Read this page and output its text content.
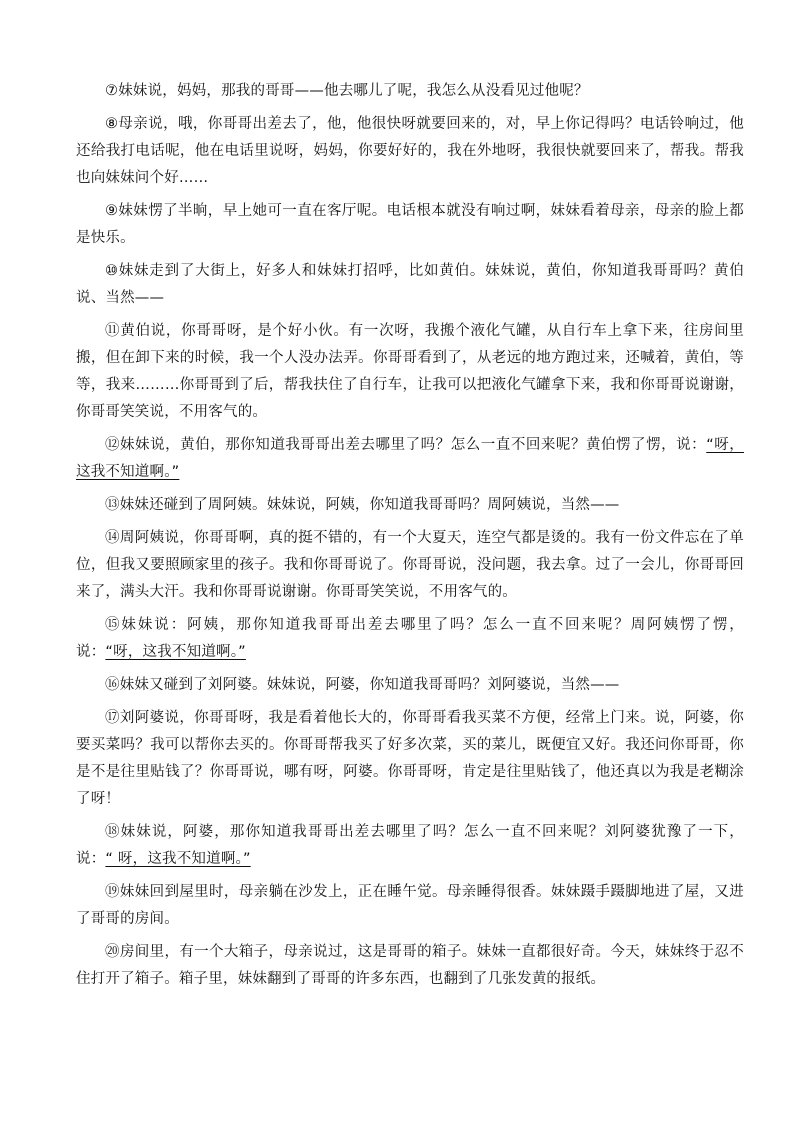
⑦妹妹说，妈妈，那我的哥哥——他去哪儿了呢，我怎么从没看见过他呢？

⑧母亲说，哦，你哥哥出差去了，他，他很快呀就要回来的，对，早上你记得吗？电话铃响过，他还给我打电话呢，他在电话里说呀，妈妈，你要好好的，我在外地呀，我很快就要回来了，帮我。帮我也向妹妹问个好……

⑨妹妹愣了半晌，早上她可一直在客厅呢。电话根本就没有响过啊，妹妹看着母亲，母亲的脸上都是快乐。

⑩妹妹走到了大街上，好多人和妹妹打招呼，比如黄伯。妹妹说，黄伯，你知道我哥哥吗？黄伯说、当然——

⑪黄伯说，你哥哥呀，是个好小伙。有一次呀，我搬个液化气罐，从自行车上拿下来，往房间里搬，但在卸下来的时候，我一个人没办法弄。你哥哥看到了，从老远的地方跑过来，还喊着，黄伯，等等，我来………你哥哥到了后，帮我扶住了自行车，让我可以把液化气罐拿下来，我和你哥哥说谢谢，你哥哥笑笑说，不用客气的。

⑫妹妹说，黄伯，那你知道我哥哥出差去哪里了吗？怎么一直不回来呢？黄伯愣了愣，说：“呀，这我不知道啊。”

⑬妹妹还碰到了周阿姨。妹妹说，阿姨，你知道我哥哥吗？周阿姨说，当然——

⑭周阿姨说，你哥哥啊，真的挺不错的，有一个大夏天，连空气都是烫的。我有一份文件忘在了单位，但我又要照顾家里的孩子。我和你哥哥说了。你哥哥说，没问题，我去拿。过了一会儿，你哥哥回来了，满头大汗。我和你哥哥说谢谢。你哥哥笑笑说，不用客气的。

⑮妹妹说：阿姨，那你知道我哥哥出差去哪里了吗？怎么一直不回来呢？周阿姨愣了愣，说：“呀，这我不知道啊。”

⑯妹妹又碰到了刘阿婆。妹妹说，阿婆，你知道我哥哥吗？刘阿婆说，当然——

⑰刘阿婆说，你哥哥呀，我是看着他长大的，你哥哥看我买菜不方便，经常上门来。说，阿婆，你要买菜吗？我可以帮你去买的。你哥哥帮我买了好多次菜，买的菜儿，既便宜又好。我还问你哥哥，你是不是往里贴钱了？你哥哥说，哪有呀，阿婆。你哥哥呀，肯定是往里贴钱了，他还真以为我是老糊涂了呀！

⑱妹妹说，阿婆，那你知道我哥哥出差去哪里了吗？怎么一直不回来呢？刘阿婆犹豫了一下，说：“ 呀，这我不知道啊。”

⑲妹妹回到屋里时，母亲躺在沙发上，正在睡午觉。母亲睡得很香。妹妹蹑手蹑脚地进了屋，又进了哥哥的房间。

⑳房间里，有一个大箱子，母亲说过，这是哥哥的箱子。妹妹一直都很好奇。今天，妹妹终于忍不住打开了箱子。箱子里，妹妹翻到了哥哥的许多东西，也翻到了几张发黄的报纸。
